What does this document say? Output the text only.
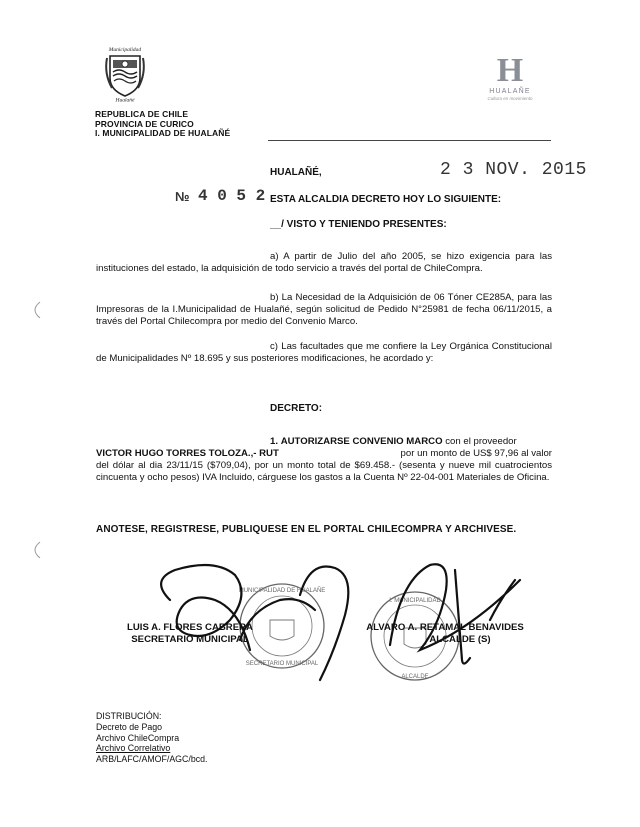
Municipalidad
Hualañé
REPUBLICA DE CHILE
PROVINCIA DE CURICO
I. MUNICIPALIDAD DE HUALAÑÉ
H
HUALAÑE
Cultura en movimiento
HUALAÑÉ,	2 3 NOV. 2015
№ 4 0 5 2 ESTA ALCALDIA DECRETO HOY LO SIGUIENTE:
__/ VISTO Y TENIENDO PRESENTES:
a) A partir de Julio del año 2005, se hizo exigencia para las instituciones del estado, la adquisición de todo servicio a través del portal de ChileCompra.
b) La Necesidad de la Adquisición de 06 Tóner CE285A, para las Impresoras de la I.Municipalidad de Hualañé, según solicitud de Pedido N°25981 de fecha 06/11/2015, a través del Portal Chilecompra por medio del Convenio Marco.
c) Las facultades que me confiere la Ley Orgánica Constitucional de Municipalidades Nº 18.695 y sus posteriores modificaciones, he acordado y:
DECRETO:
1. AUTORIZARSE CONVENIO MARCO con el proveedor
VICTOR HUGO TORRES TOLOZA.,- RUT	por un monto de US$ 97,96 al valor
del dólar al dia 23/11/15 ($709,04), por un monto total de $69.458.- (sesenta y nueve mil cuatrocientos cincuenta y ocho pesos) IVA Incluido, cárguese los gastos a la Cuenta Nº 22-04-001 Materiales de Oficina.
ANOTESE, REGISTRESE, PUBLIQUESE EN EL PORTAL CHILECOMPRA Y ARCHIVESE.
MUNICIPALIDAD DE HUALAÑE
SECRETARIO MUNICIPAL
I. MUNICIPALIDAD
ALCALDE
LUIS A. FLORES CABRERA
SECRETARIO MUNICIPAL
ALVARO A. RETAMAL BENAVIDES
ALCALDE (S)
DISTRIBUCIÓN:
Decreto de Pago
Archivo ChileCompra
Archivo Correlativo
ARB/LAFC/AMOF/AGC/bcd.
